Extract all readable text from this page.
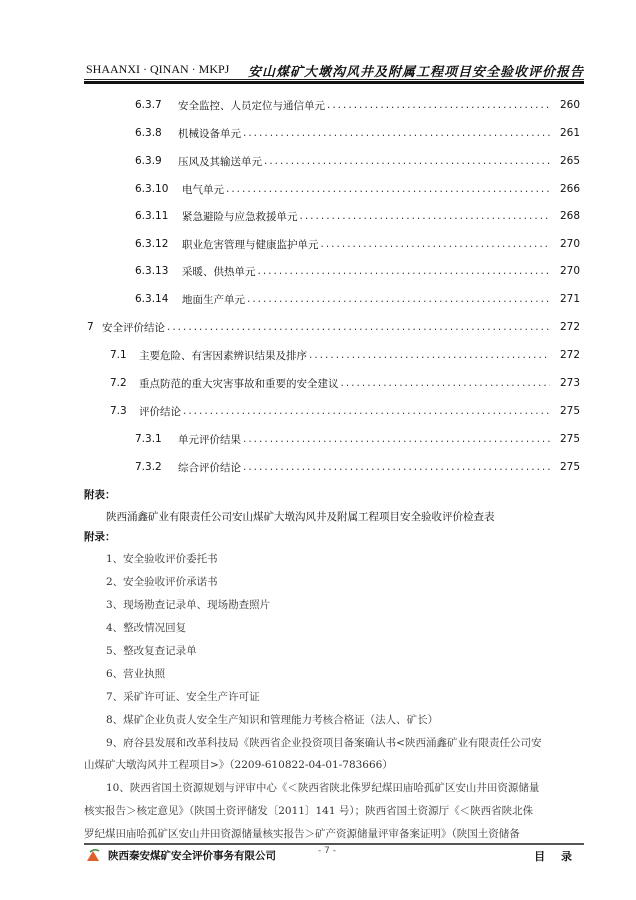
SHAANXI · QINAN · MKPJ 安山煤矿大墩沟风井及附属工程项目安全验收评价报告
6.3.7 安全监控、人员定位与通信单元 .....	260
6.3.8 机械设备单元 .....	261
6.3.9 压风及其输送单元 .....	265
6.3.10 电气单元 .....	266
6.3.11 紧急避险与应急救援单元 .....	268
6.3.12 职业危害管理与健康监护单元 .....	270
6.3.13 采暖、供热单元 .....	270
6.3.14 地面生产单元 .....	271
7 安全评价结论 .....	272
7.1 主要危险、有害因素辨识结果及排序 .....	272
7.2 重点防范的重大灾害事故和重要的安全建议 .....	273
7.3 评价结论 .....	275
7.3.1 单元评价结果 .....	275
7.3.2 综合评价结论 .....	275
附表：
陕西涌鑫矿业有限责任公司安山煤矿大墩沟风井及附属工程项目安全验收评价检查表
附录：
1、安全验收评价委托书
2、安全验收评价承诺书
3、现场勘查记录单、现场勘查照片
4、整改情况回复
5、整改复查记录单
6、营业执照
7、采矿许可证、安全生产许可证
8、煤矿企业负责人安全生产知识和管理能力考核合格证（法人、矿长）
9、府谷县发展和改革科技局《陕西省企业投资项目备案确认书<陕西涌鑫矿业有限责任公司安
山煤矿大墩沟风井工程项目>》（2209-610822-04-01-783666）
10、陕西省国土资源规划与评审中心《＜陕西省陕北侏罗纪煤田庙哈孤矿区安山井田资源储量
核实报告＞核定意见》（陕国土资评储发〔2011〕141 号）；陕西省国土资源厅《＜陕西省陕北侏
罗纪煤田庙哈孤矿区安山井田资源储量核实报告＞矿产资源储量评审备案证明》（陕国土资储备
陕西秦安煤矿安全评价事务有限公司	- 7 -	目 录
